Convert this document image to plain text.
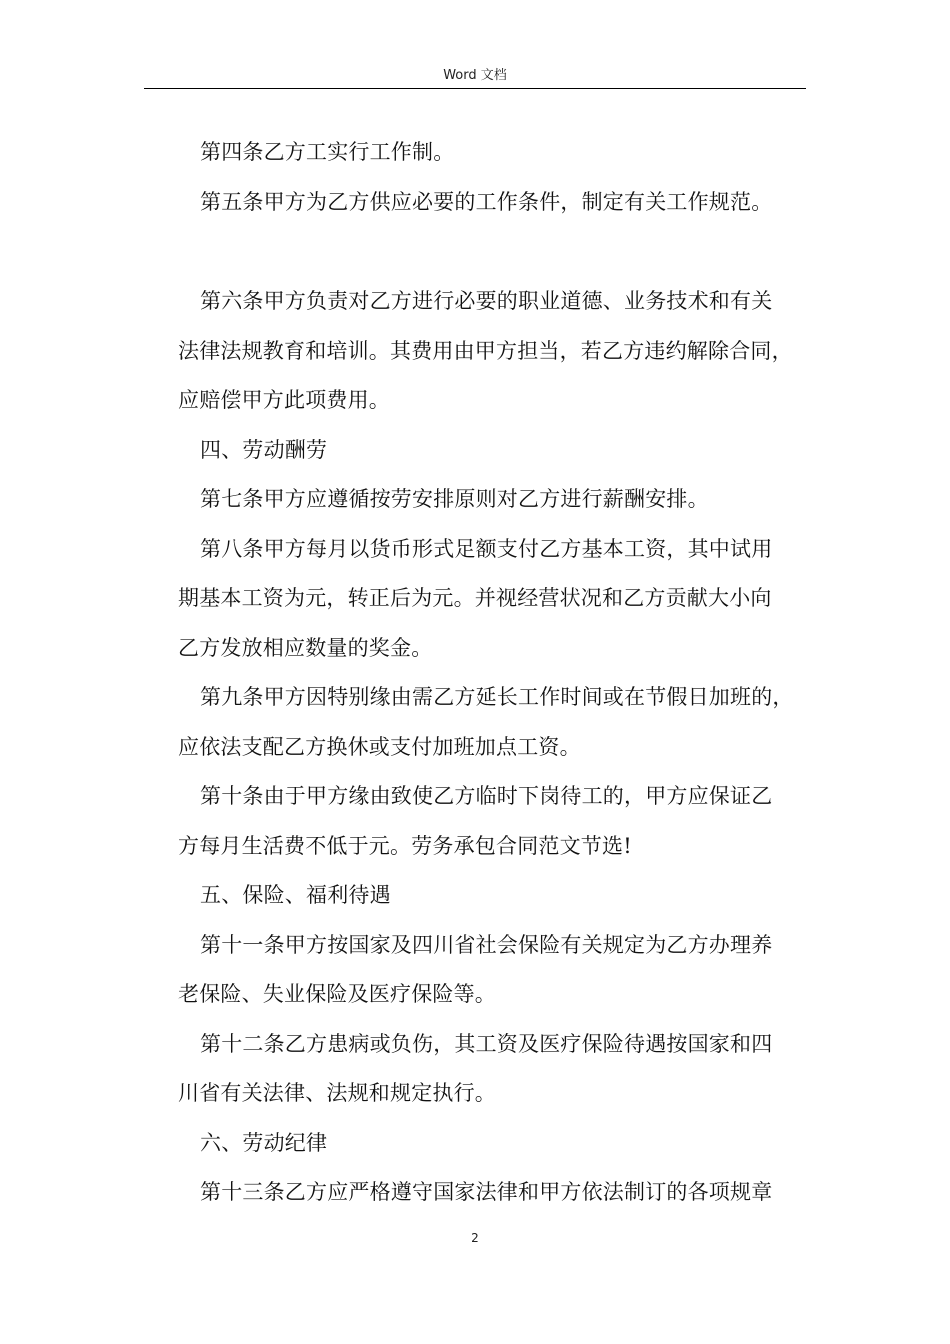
Word 文档
第四条乙方工实行工作制。
第五条甲方为乙方供应必要的工作条件，制定有关工作规范。
第六条甲方负责对乙方进行必要的职业道德、业务技术和有关
法律法规教育和培训。其费用由甲方担当，若乙方违约解除合同，
应赔偿甲方此项费用。
四、劳动酬劳
第七条甲方应遵循按劳安排原则对乙方进行薪酬安排。
第八条甲方每月以货币形式足额支付乙方基本工资，其中试用
期基本工资为元，转正后为元。并视经营状况和乙方贡献大小向
乙方发放相应数量的奖金。
第九条甲方因特别缘由需乙方延长工作时间或在节假日加班的，
应依法支配乙方换休或支付加班加点工资。
第十条由于甲方缘由致使乙方临时下岗待工的，甲方应保证乙
方每月生活费不低于元。劳务承包合同范文节选!
五、保险、福利待遇
第十一条甲方按国家及四川省社会保险有关规定为乙方办理养
老保险、失业保险及医疗保险等。
第十二条乙方患病或负伤，其工资及医疗保险待遇按国家和四
川省有关法律、法规和规定执行。
六、劳动纪律
第十三条乙方应严格遵守国家法律和甲方依法制订的各项规章
2
